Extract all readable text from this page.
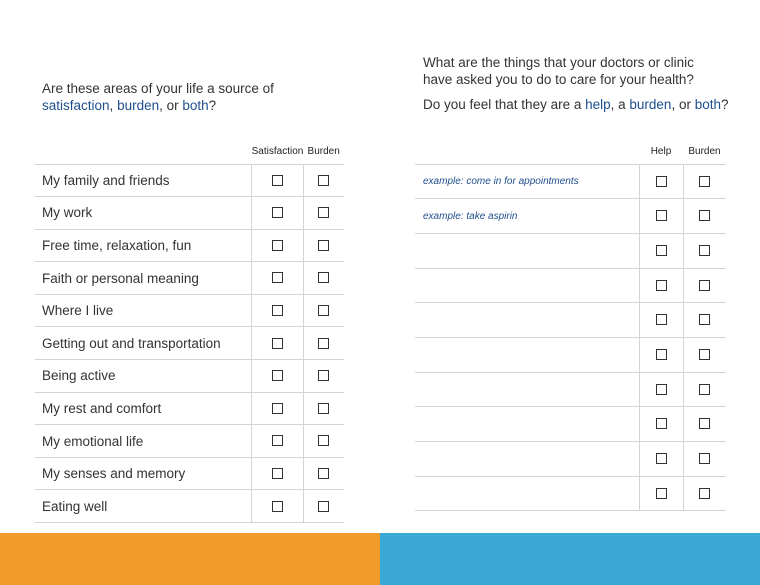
Are these areas of your life a source of
satisfaction, burden, or both?
What are the things that your doctors or clinic
have asked you to do to care for your health?
Do you feel that they are a help, a burden, or both?
	Satisfaction	Burden
My family and friends		
My work		
Free time, relaxation, fun		
Faith or personal meaning		
Where I live		
Getting out and transportation		
Being active		
My rest and comfort		
My emotional life		
My senses and memory		
Eating well		
	Help	Burden
example: come in for appointments		
example: take aspirin		
